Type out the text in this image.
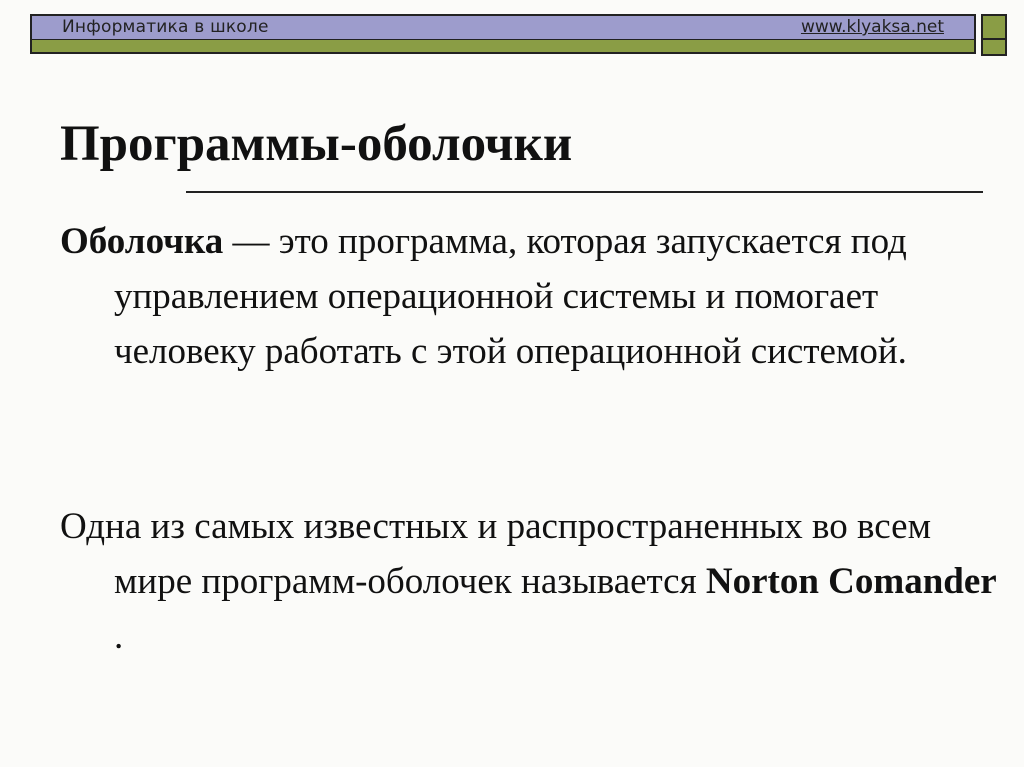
Информатика в школе	www.klyaksa.net
Программы-оболочки

Оболочка — это программа, которая запускается под управлением операционной системы и помогает человеку работать с этой операционной системой.

Одна из самых известных и распространенных во всем мире программ-оболочек называется Norton Comander .
